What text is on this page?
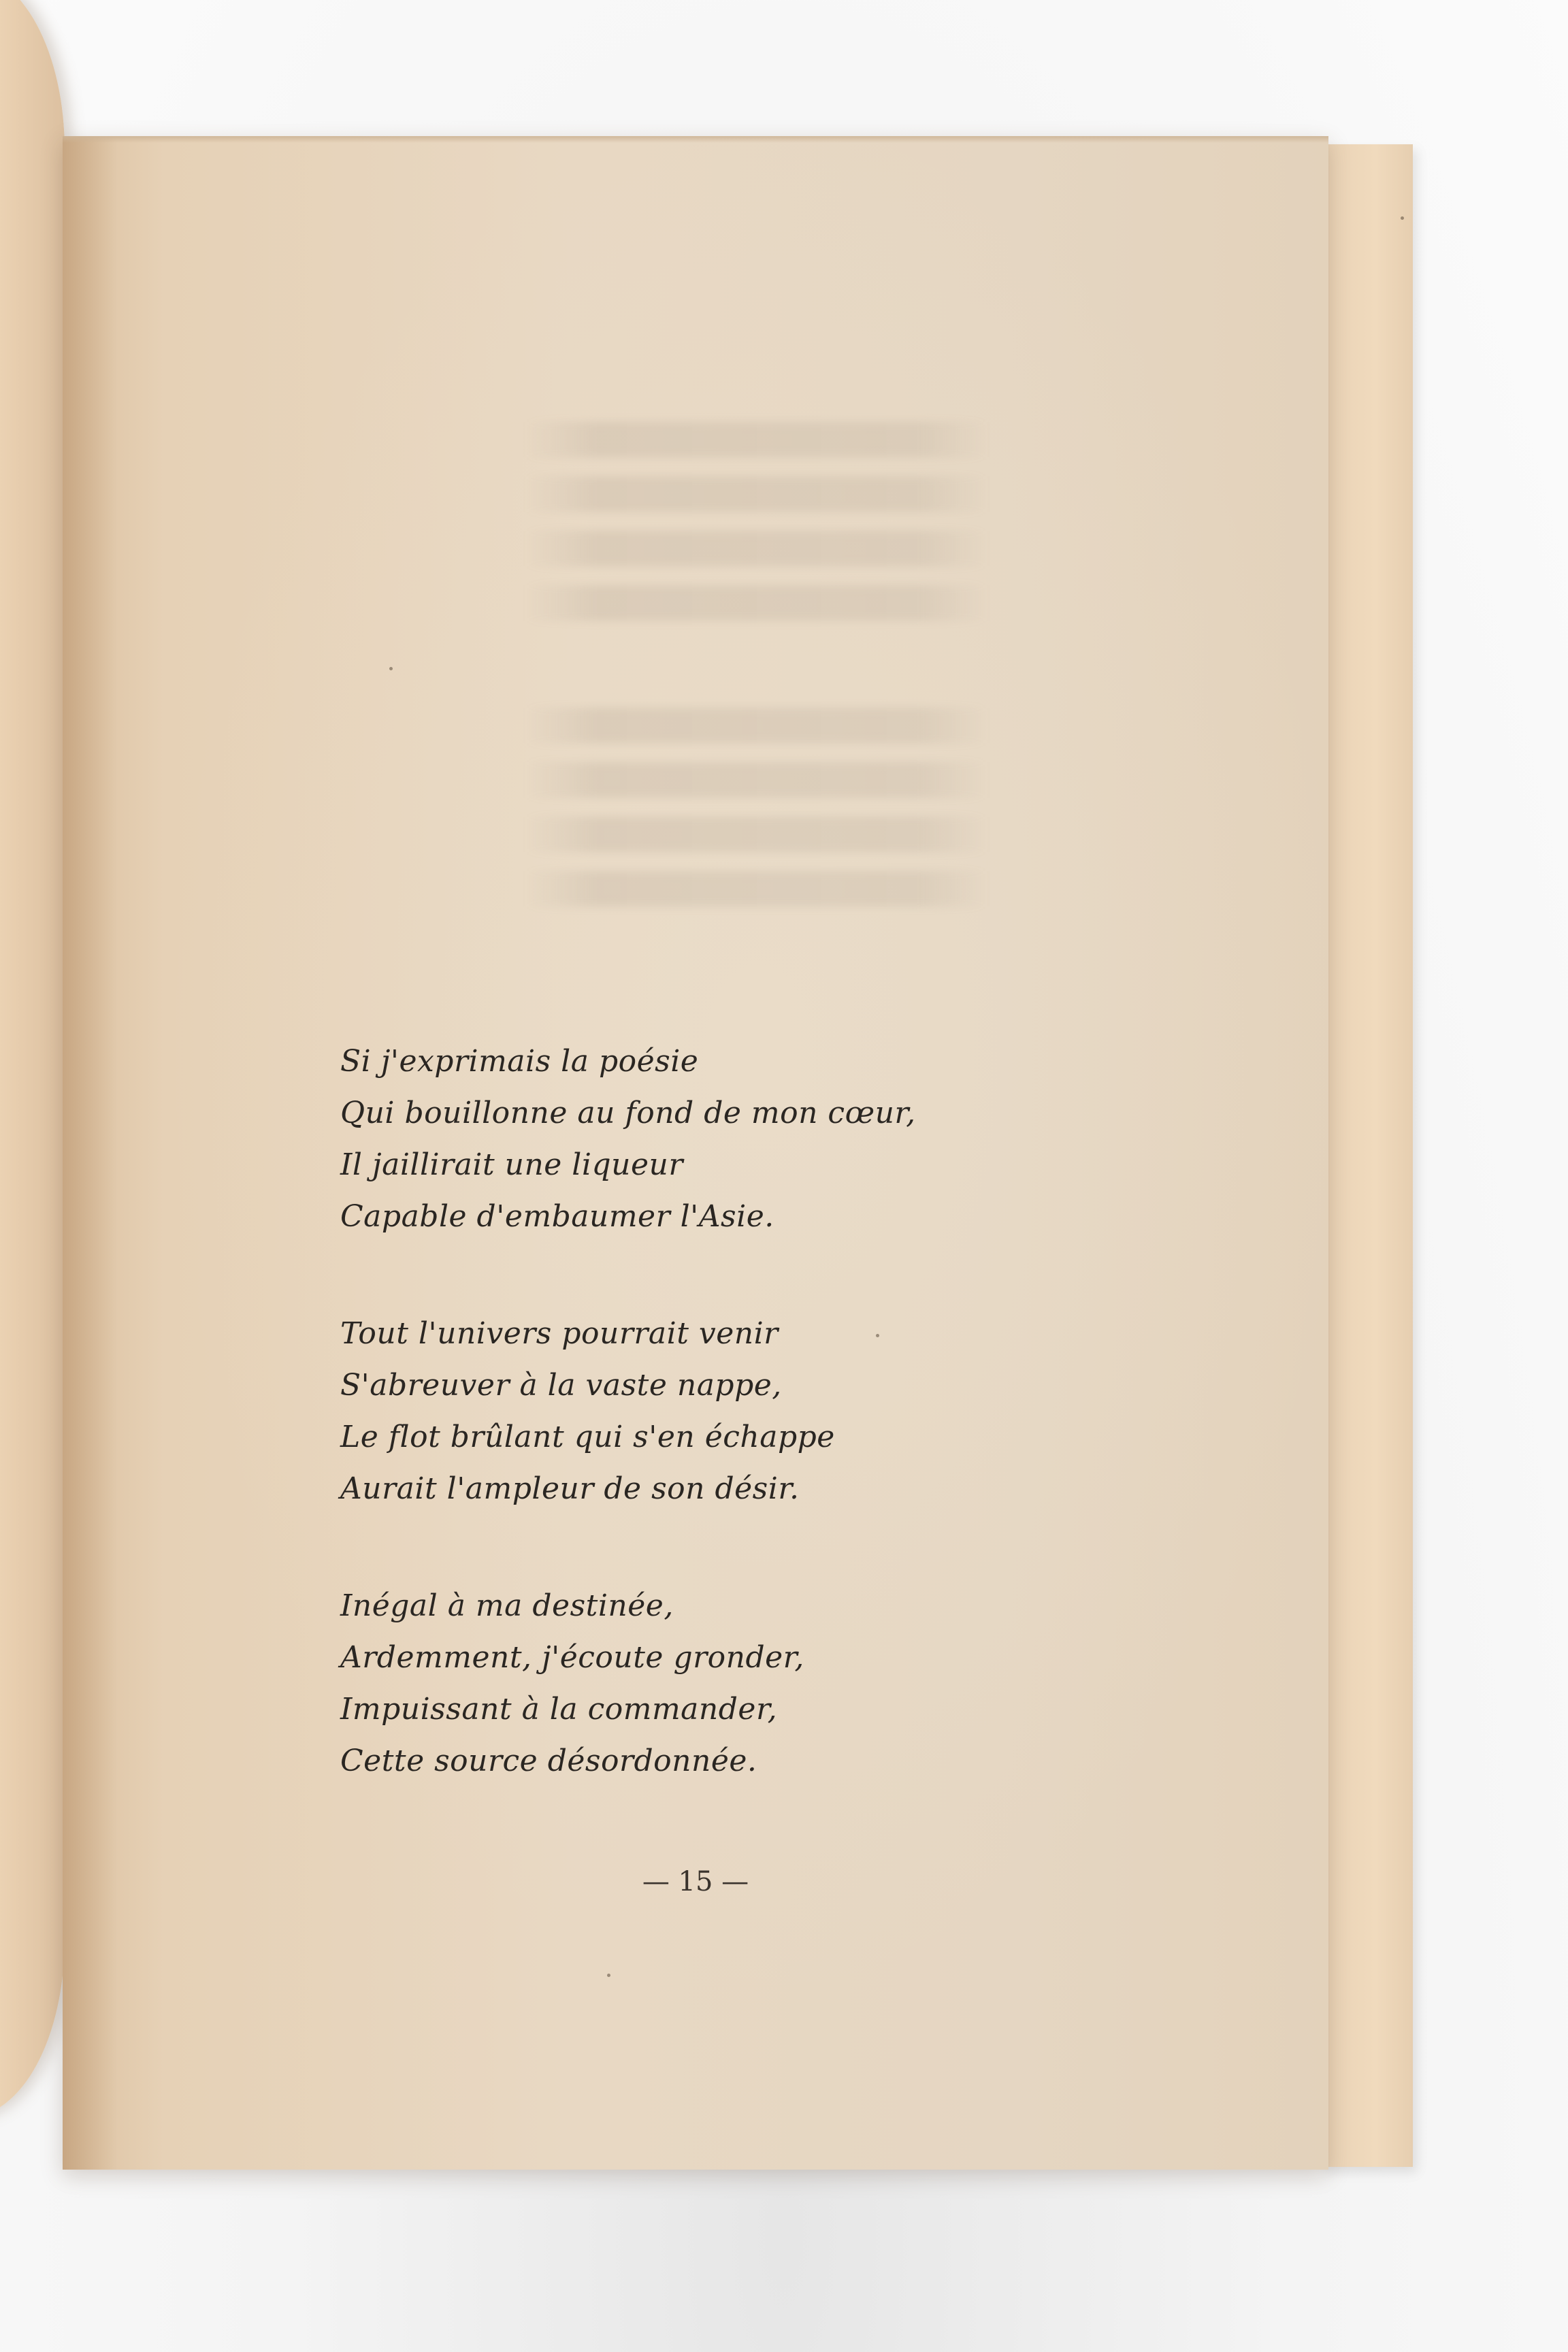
Si j'exprimais la poésie
Qui bouillonne au fond de mon cœur,
Il jaillirait une liqueur
Capable d'embaumer l'Asie.
Tout l'univers pourrait venir
S'abreuver à la vaste nappe,
Le flot brûlant qui s'en échappe
Aurait l'ampleur de son désir.
Inégal à ma destinée,
Ardemment, j'écoute gronder,
Impuissant à la commander,
Cette source désordonnée.
— 15 —
